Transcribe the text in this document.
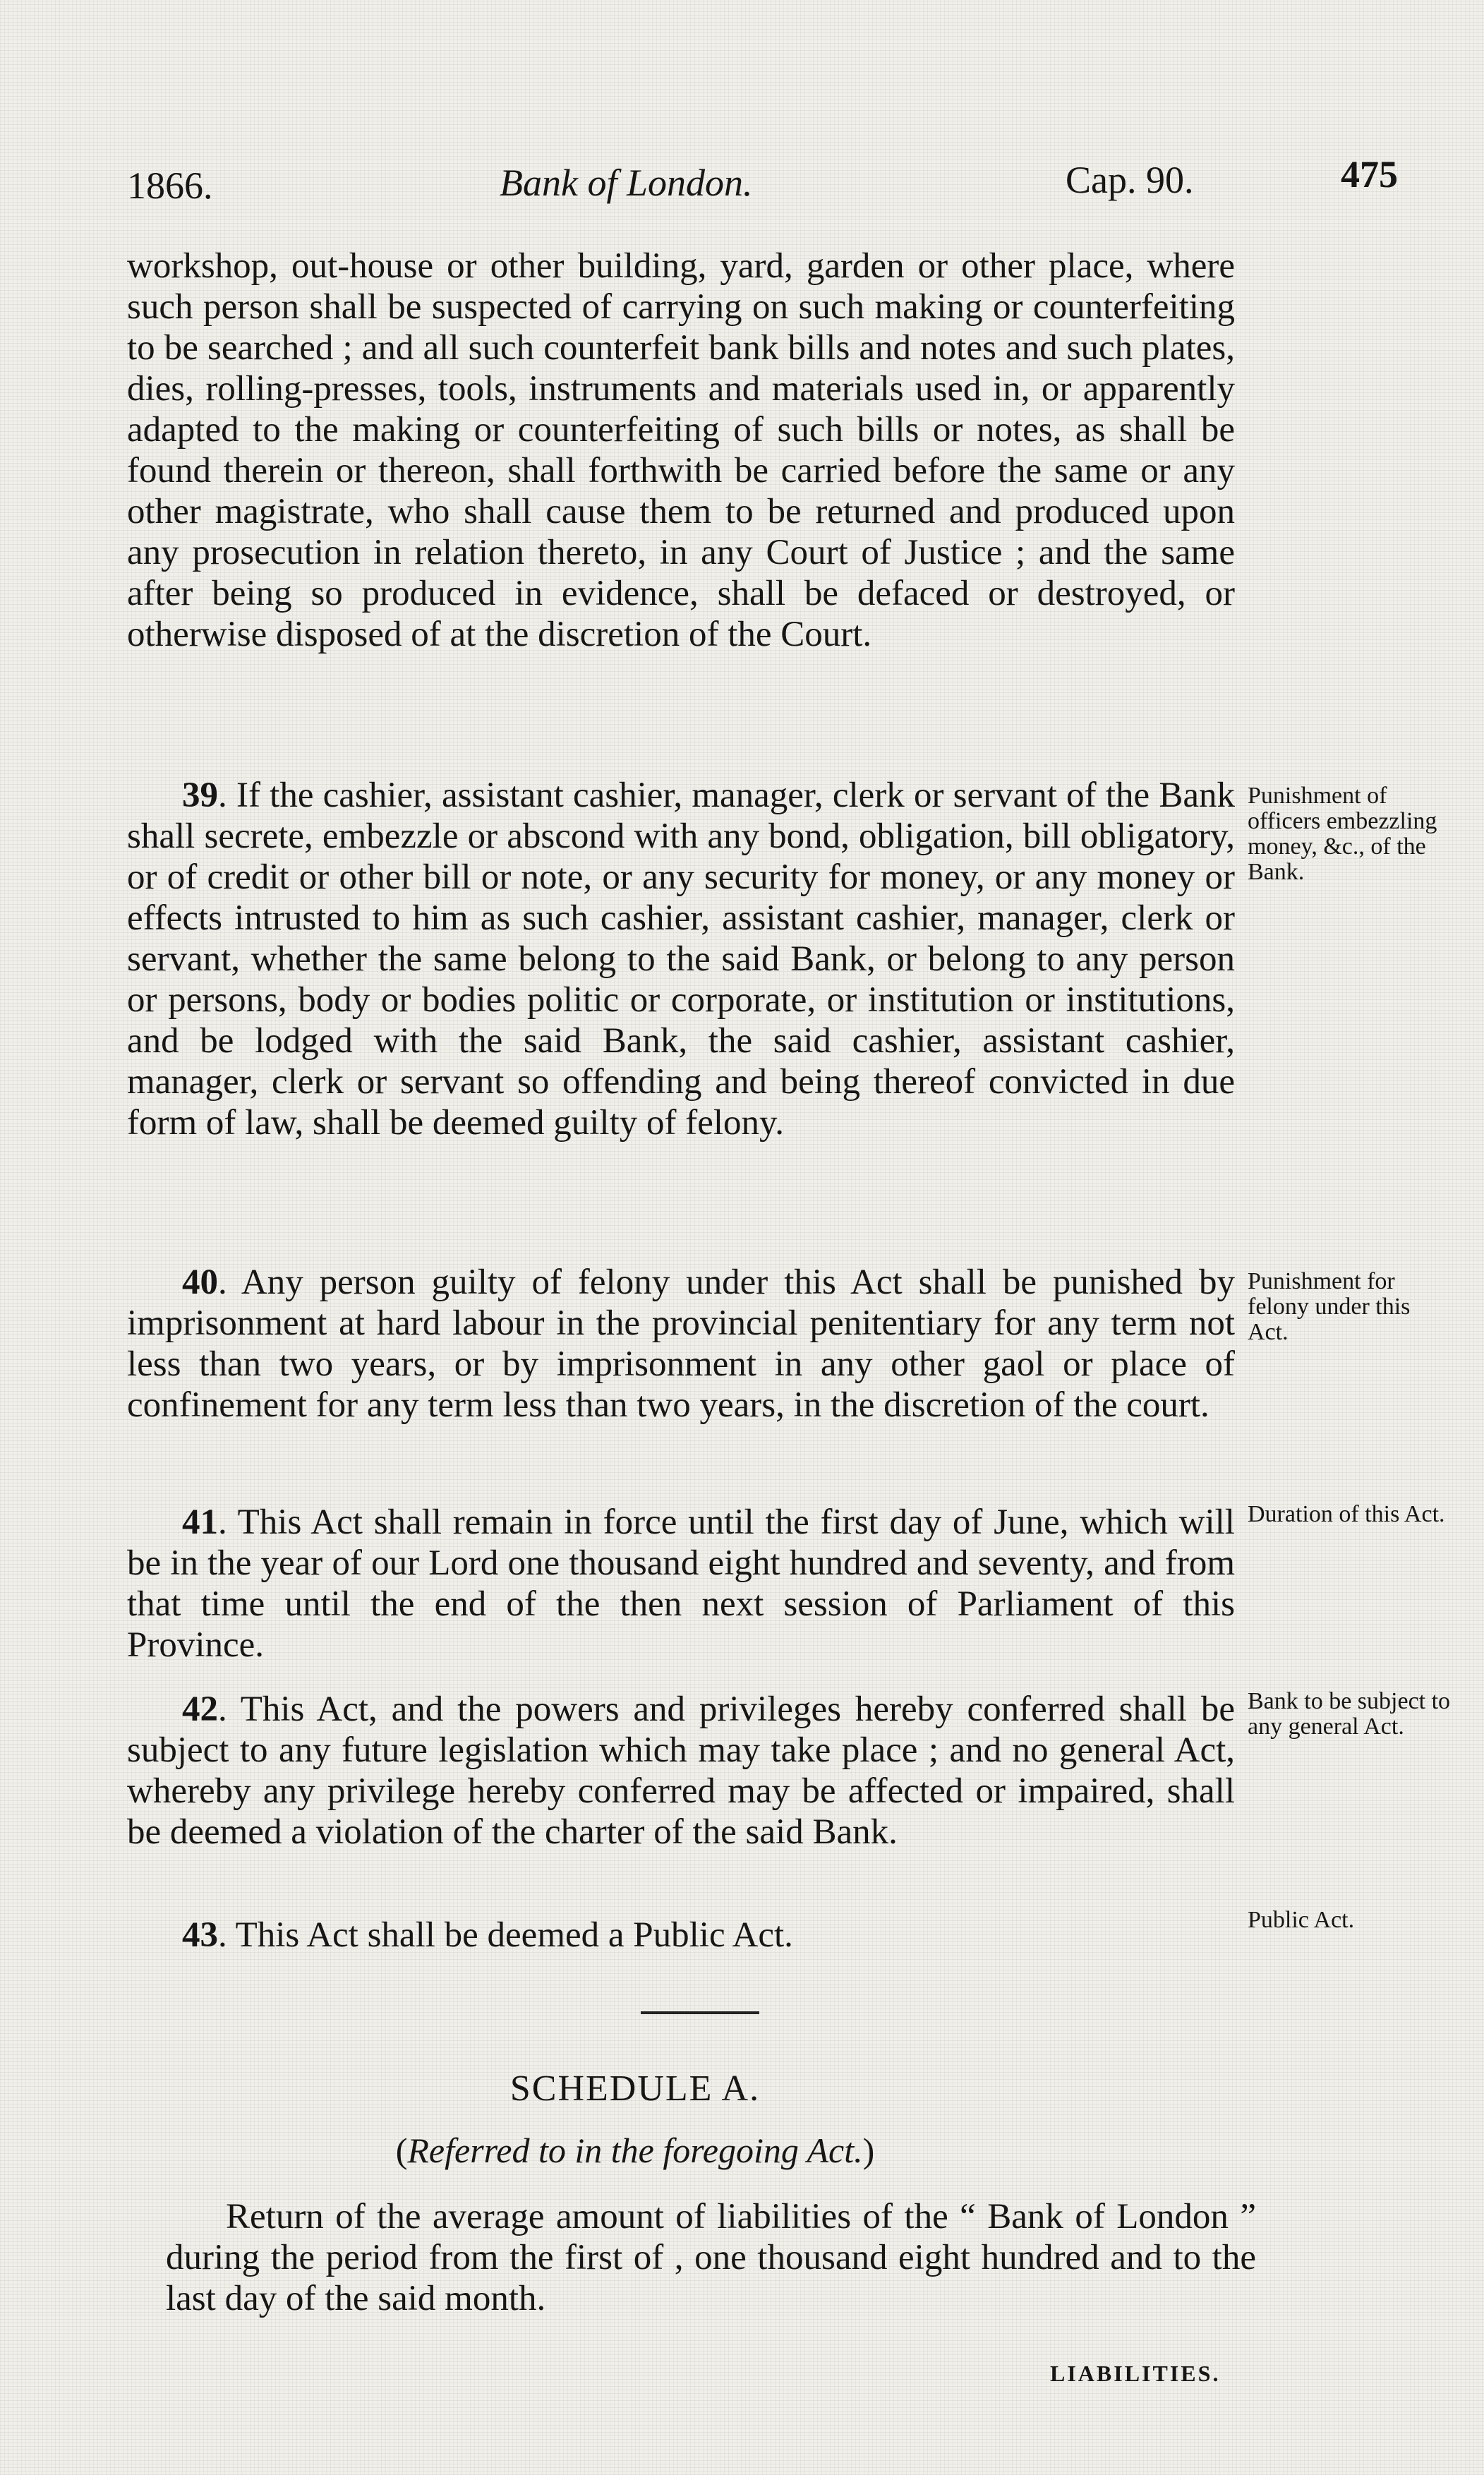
1866.	Bank of London.	Cap. 90.	475

workshop, out-house or other building, yard, garden or other place, where such person shall be suspected of carrying on such making or counterfeiting to be searched ; and all such counterfeit bank bills and notes and such plates, dies, rolling-presses, tools, instruments and materials used in, or apparently adapted to the making or counterfeiting of such bills or notes, as shall be found therein or thereon, shall forthwith be carried before the same or any other magistrate, who shall cause them to be returned and produced upon any prosecution in relation thereto, in any Court of Justice ; and the same after being so produced in evidence, shall be defaced or destroyed, or otherwise disposed of at the discretion of the Court.

39. If the cashier, assistant cashier, manager, clerk or servant of the Bank shall secrete, embezzle or abscond with any bond, obligation, bill obligatory, or of credit or other bill or note, or any security for money, or any money or effects intrusted to him as such cashier, assistant cashier, manager, clerk or servant, whether the same belong to the said Bank, or belong to any person or persons, body or bodies politic or corporate, or institution or institutions, and be lodged with the said Bank, the said cashier, assistant cashier, manager, clerk or servant so offending and being thereof convicted in due form of law, shall be deemed guilty of felony.

Punishment of officers embezzling money, &c., of the Bank.

40. Any person guilty of felony under this Act shall be punished by imprisonment at hard labour in the provincial penitentiary for any term not less than two years, or by imprisonment in any other gaol or place of confinement for any term less than two years, in the discretion of the court.

Punishment for felony under this Act.

41. This Act shall remain in force until the first day of June, which will be in the year of our Lord one thousand eight hundred and seventy, and from that time until the end of the then next session of Parliament of this Province.

Duration of this Act.

42. This Act, and the powers and privileges hereby conferred shall be subject to any future legislation which may take place ; and no general Act, whereby any privilege hereby conferred may be affected or impaired, shall be deemed a violation of the charter of the said Bank.

Bank to be subject to any general Act.

43. This Act shall be deemed a Public Act.	Public Act.
SCHEDULE A.
(Referred to in the foregoing Act.)

Return of the average amount of liabilities of the “ Bank of London ” during the period from the first of , one thousand eight hundred and to the last day of the said month.

LIABILITIES.
